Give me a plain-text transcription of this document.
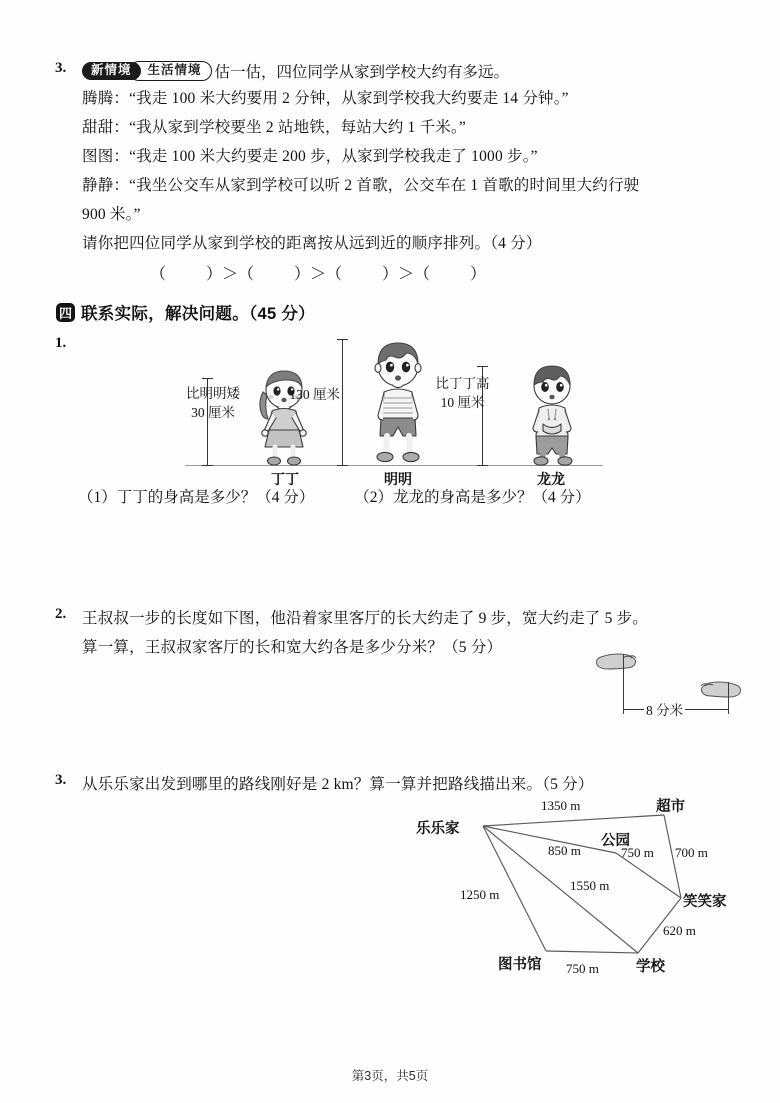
3.	新情境	生活情境 估一估，四位同学从家到学校大约有多远。
腾腾：“我走 100 米大约要用 2 分钟，从家到学校我大约要走 14 分钟。”
甜甜：“我从家到学校要坐 2 站地铁，每站大约 1 千米。”
图图：“我走 100 米大约要走 200 步，从家到学校我走了 1000 步。”
静静：“我坐公交车从家到学校可以听 2 首歌，公交车在 1 首歌的时间里大约行驶
900 米。”
请你把四位同学从家到学校的距离按从远到近的顺序排列。（4 分）
（          ）＞（          ）＞（          ）＞（          ）
四 联系实际，解决问题。（45 分）
1.
比明明矮
30 厘米
丁丁
130 厘米
明明
比丁丁高
10 厘米
龙龙
（1）丁丁的身高是多少？（4 分）	（2）龙龙的身高是多少？（4 分）
2.	王叔叔一步的长度如下图，他沿着家里客厅的长大约走了 9 步，宽大约走了 5 步。
算一算，王叔叔家客厅的长和宽大约各是多少分米？（5 分）
8 分米
3.	从乐乐家出发到哪里的路线刚好是 2 km？算一算并把路线描出来。（5 分）
乐乐家
超市
公园
笑笑家
学校
图书馆
1350 m
850 m
1550 m
1250 m
700 m
750 m
620 m
750 m
第3页，共5页
